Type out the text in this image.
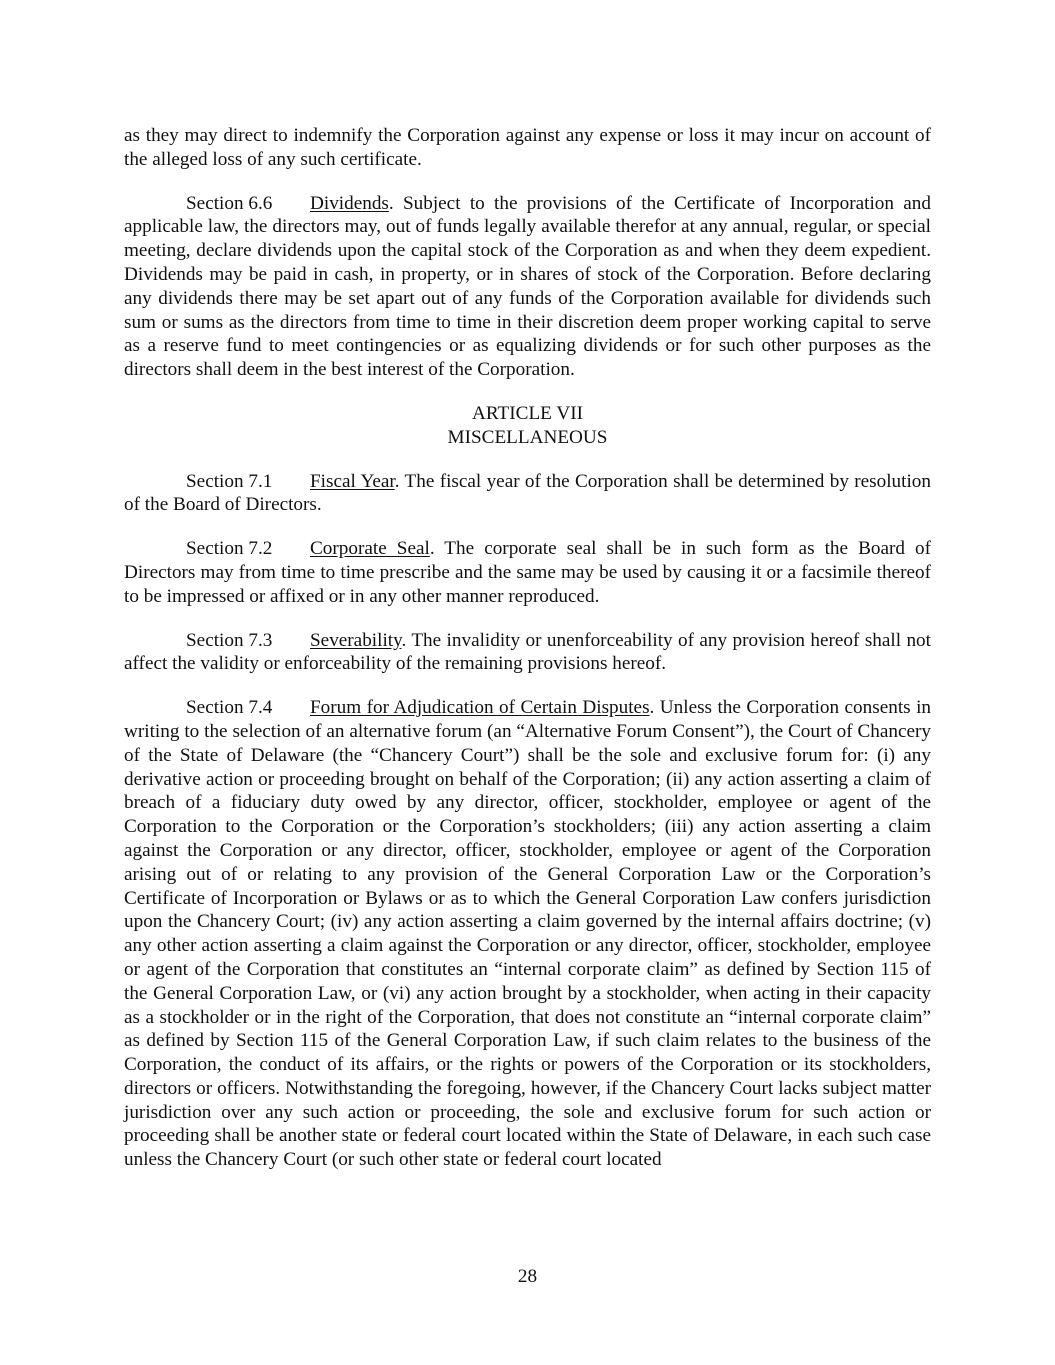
as they may direct to indemnify the Corporation against any expense or loss it may incur on account of the alleged loss of any such certificate.

Section 6.6 Dividends. Subject to the provisions of the Certificate of Incorporation and applicable law, the directors may, out of funds legally available therefor at any annual, regular, or special meeting, declare dividends upon the capital stock of the Corporation as and when they deem expedient. Dividends may be paid in cash, in property, or in shares of stock of the Corporation. Before declaring any dividends there may be set apart out of any funds of the Corporation available for dividends such sum or sums as the directors from time to time in their discretion deem proper working capital to serve as a reserve fund to meet contingencies or as equalizing dividends or for such other purposes as the directors shall deem in the best interest of the Corporation.

ARTICLE VII
MISCELLANEOUS

Section 7.1 Fiscal Year. The fiscal year of the Corporation shall be determined by resolution of the Board of Directors.

Section 7.2 Corporate Seal. The corporate seal shall be in such form as the Board of Directors may from time to time prescribe and the same may be used by causing it or a facsimile thereof to be impressed or affixed or in any other manner reproduced.

Section 7.3 Severability. The invalidity or unenforceability of any provision hereof shall not affect the validity or enforceability of the remaining provisions hereof.

Section 7.4 Forum for Adjudication of Certain Disputes. Unless the Corporation consents in writing to the selection of an alternative forum (an “Alternative Forum Consent”), the Court of Chancery of the State of Delaware (the “Chancery Court”) shall be the sole and exclusive forum for: (i) any derivative action or proceeding brought on behalf of the Corporation; (ii) any action asserting a claim of breach of a fiduciary duty owed by any director, officer, stockholder, employee or agent of the Corporation to the Corporation or the Corporation’s stockholders; (iii) any action asserting a claim against the Corporation or any director, officer, stockholder, employee or agent of the Corporation arising out of or relating to any provision of the General Corporation Law or the Corporation’s Certificate of Incorporation or Bylaws or as to which the General Corporation Law confers jurisdiction upon the Chancery Court; (iv) any action asserting a claim governed by the internal affairs doctrine; (v) any other action asserting a claim against the Corporation or any director, officer, stockholder, employee or agent of the Corporation that constitutes an “internal corporate claim” as defined by Section 115 of the General Corporation Law, or (vi) any action brought by a stockholder, when acting in their capacity as a stockholder or in the right of the Corporation, that does not constitute an “internal corporate claim” as defined by Section 115 of the General Corporation Law, if such claim relates to the business of the Corporation, the conduct of its affairs, or the rights or powers of the Corporation or its stockholders, directors or officers. Notwithstanding the foregoing, however, if the Chancery Court lacks subject matter jurisdiction over any such action or proceeding, the sole and exclusive forum for such action or proceeding shall be another state or federal court located within the State of Delaware, in each such case unless the Chancery Court (or such other state or federal court located

28
